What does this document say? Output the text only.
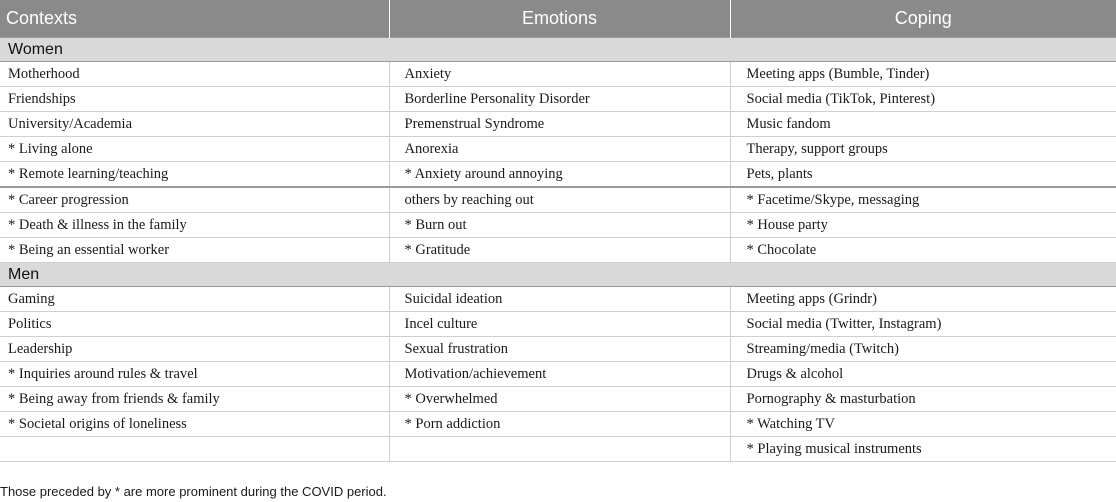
Contexts	Emotions	Coping
Women		
Motherhood	Anxiety	Meeting apps (Bumble, Tinder)
Friendships	Borderline Personality Disorder	Social media (TikTok, Pinterest)
University/Academia	Premenstrual Syndrome	Music fandom
* Living alone	Anorexia	Therapy, support groups
* Remote learning/teaching	* Anxiety around annoying	Pets, plants
* Career progression	others by reaching out	* Facetime/Skype, messaging
* Death & illness in the family	* Burn out	* House party
* Being an essential worker	* Gratitude	* Chocolate
Men		
Gaming	Suicidal ideation	Meeting apps (Grindr)
Politics	Incel culture	Social media (Twitter, Instagram)
Leadership	Sexual frustration	Streaming/media (Twitch)
* Inquiries around rules & travel	Motivation/achievement	Drugs & alcohol
* Being away from friends & family	* Overwhelmed	Pornography & masturbation
* Societal origins of loneliness	* Porn addiction	* Watching TV
		* Playing musical instruments
Those preceded by * are more prominent during the COVID period.
